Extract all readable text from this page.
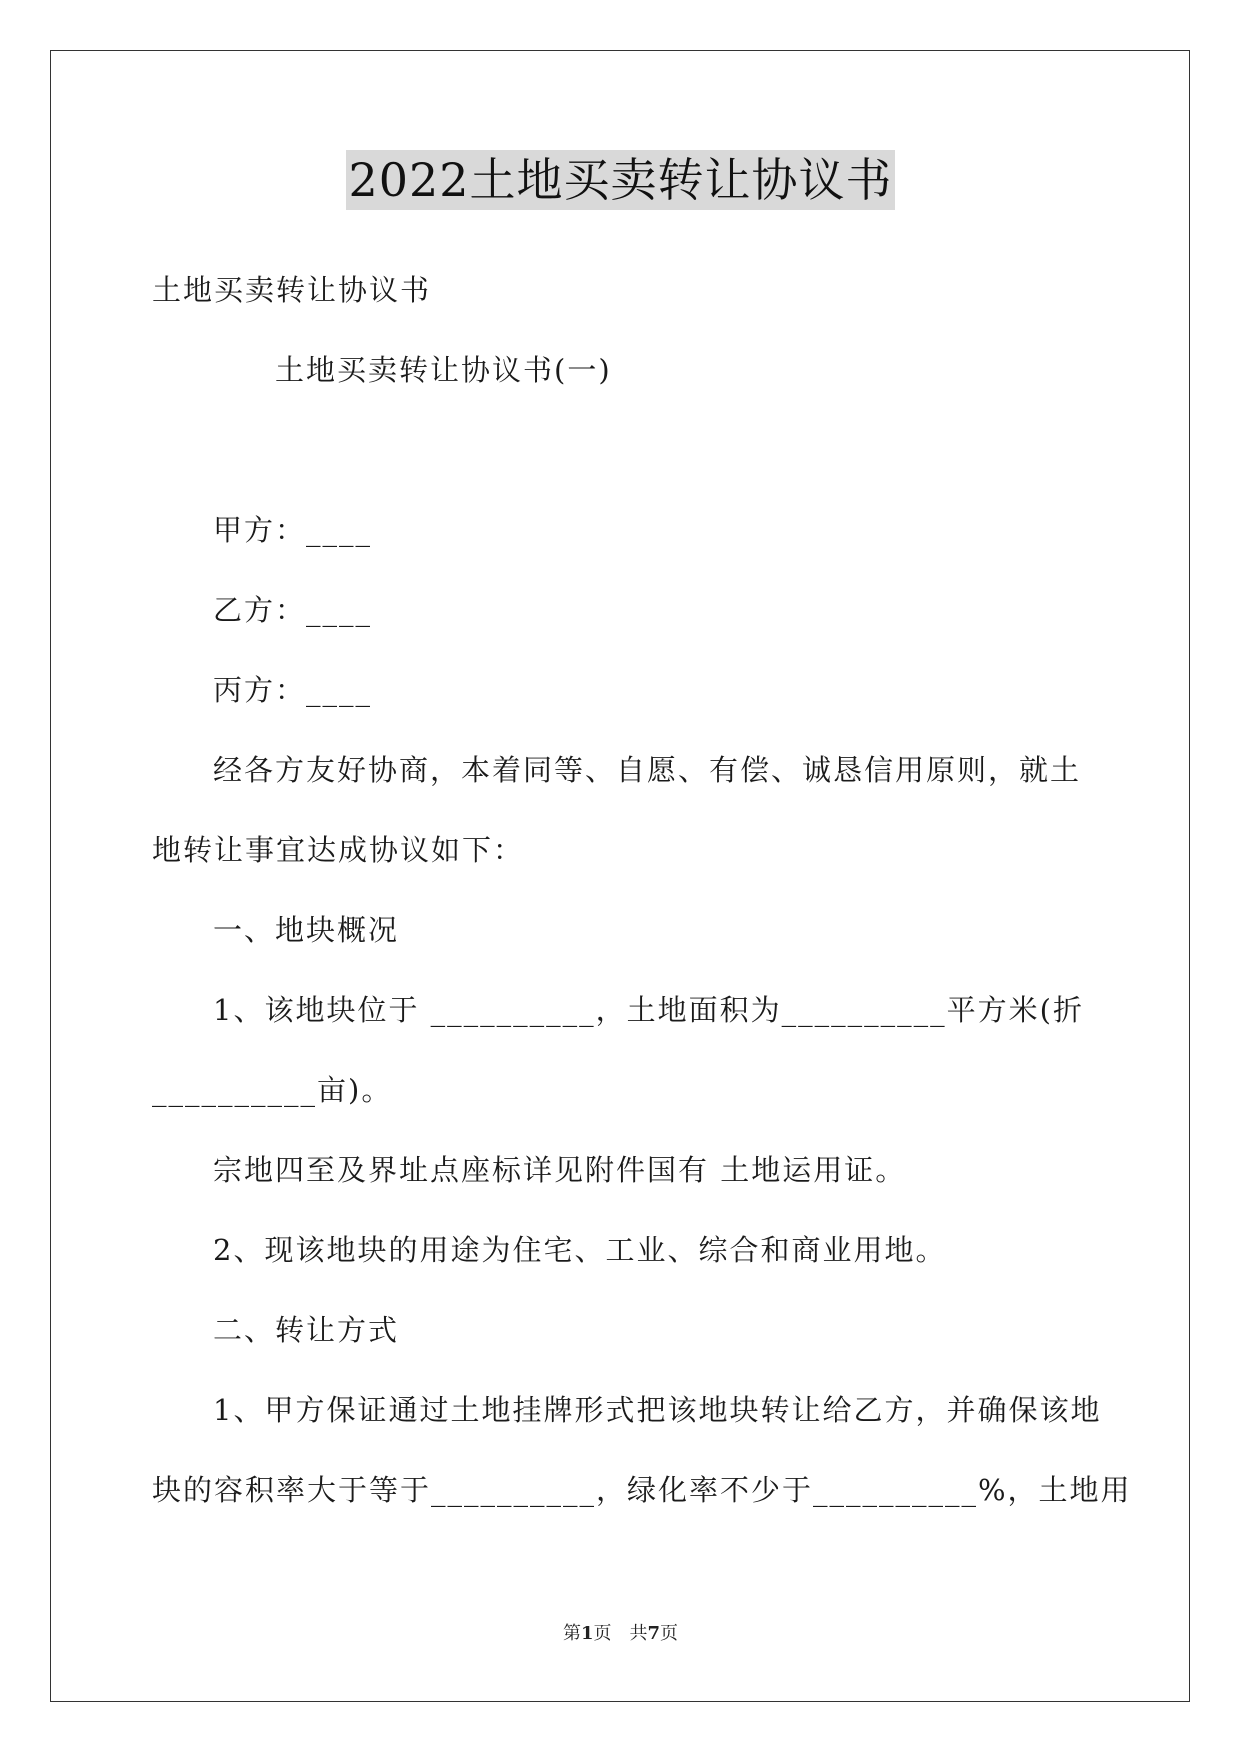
2022土地买卖转让协议书
土地买卖转让协议书
土地买卖转让协议书(一)
甲方：____
乙方：____
丙方：____
经各方友好协商，本着同等、自愿、有偿、诚恳信用原则，就土
地转让事宜达成协议如下：
一、地块概况
1、该地块位于 __________，土地面积为__________平方米(折
__________亩)。
宗地四至及界址点座标详见附件国有 土地运用证。
2、现该地块的用途为住宅、工业、综合和商业用地。
二、转让方式
1、甲方保证通过土地挂牌形式把该地块转让给乙方，并确保该地
块的容积率大于等于__________，绿化率不少于__________%，土地用
第1页　共7页
